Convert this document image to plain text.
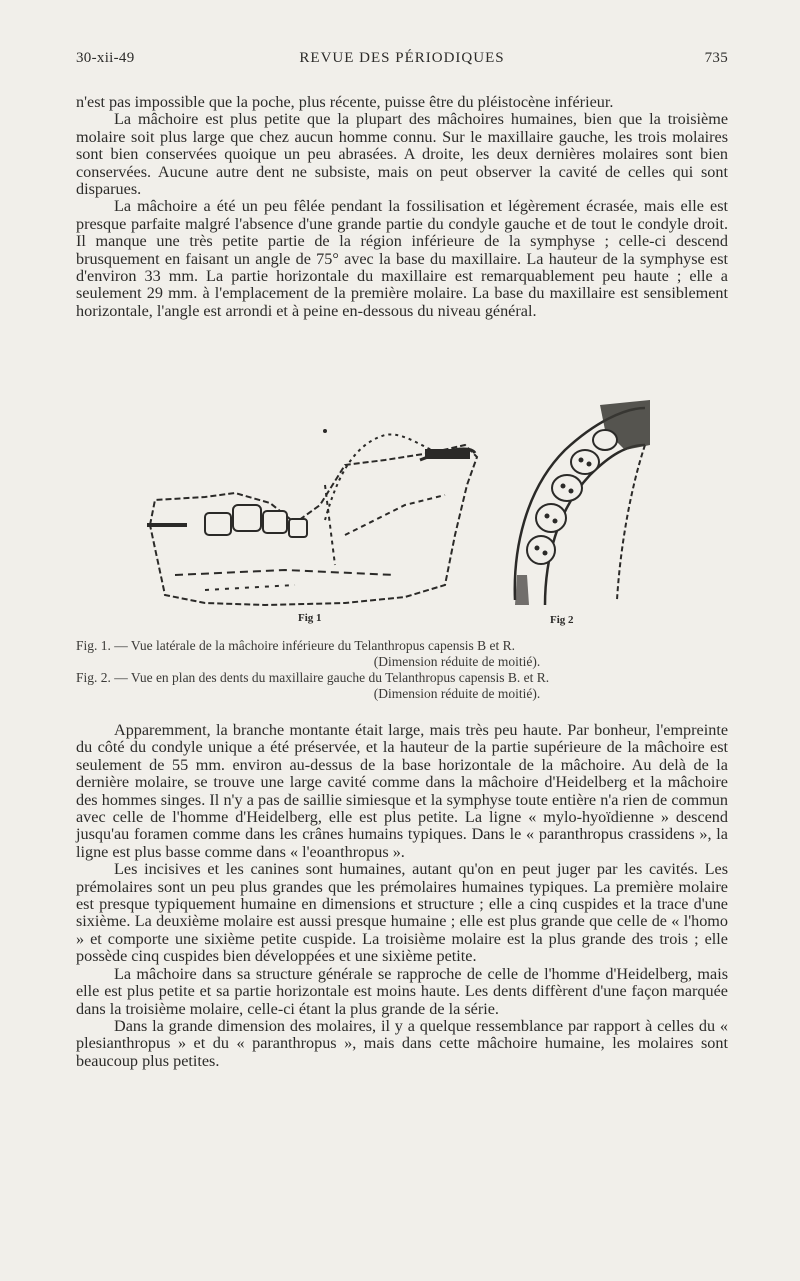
30-xii-49	REVUE DES PÉRIODIQUES	735

n'est pas impossible que la poche, plus récente, puisse être du pléistocène inférieur.

La mâchoire est plus petite que la plupart des mâchoires humaines, bien que la troisième molaire soit plus large que chez aucun homme connu. Sur le maxillaire gauche, les trois molaires sont bien conservées quoique un peu abrasées. A droite, les deux dernières molaires sont bien conservées. Aucune autre dent ne subsiste, mais on peut observer la cavité de celles qui sont disparues.

La mâchoire a été un peu fêlée pendant la fossilisation et légèrement écrasée, mais elle est presque parfaite malgré l'absence d'une grande partie du condyle gauche et de tout le condyle droit. Il manque une très petite partie de la région inférieure de la symphyse ; celle-ci descend brusquement en faisant un angle de 75° avec la base du maxillaire. La hauteur de la symphyse est d'environ 33 mm. La partie horizontale du maxillaire est remarquablement peu haute ; elle a seulement 29 mm. à l'emplacement de la première molaire. La base du maxillaire est sensiblement horizontale, l'angle est arrondi et à peine en-dessous du niveau général.

Fig 1	Fig 2
Fig. 1. — Vue latérale de la mâchoire inférieure du Telanthropus capensis B et R.
(Dimension réduite de moitié).
Fig. 2. — Vue en plan des dents du maxillaire gauche du Telanthropus capensis B. et R.
(Dimension réduite de moitié).

Apparemment, la branche montante était large, mais très peu haute. Par bonheur, l'empreinte du côté du condyle unique a été préservée, et la hauteur de la partie supérieure de la mâchoire est seulement de 55 mm. environ au-dessus de la base horizontale de la mâchoire. Au delà de la dernière molaire, se trouve une large cavité comme dans la mâchoire d'Heidelberg et la mâchoire des hommes singes. Il n'y a pas de saillie simiesque et la symphyse toute entière n'a rien de commun avec celle de l'homme d'Heidelberg, elle est plus petite. La ligne « mylo-hyoïdienne » descend jusqu'au foramen comme dans les crânes humains typiques. Dans le « paranthropus crassidens », la ligne est plus basse comme dans « l'eoanthropus ».

Les incisives et les canines sont humaines, autant qu'on en peut juger par les cavités. Les prémolaires sont un peu plus grandes que les prémolaires humaines typiques. La première molaire est presque typiquement humaine en dimensions et structure ; elle a cinq cuspides et la trace d'une sixième. La deuxième molaire est aussi presque humaine ; elle est plus grande que celle de « l'homo » et comporte une sixième petite cuspide. La troisième molaire est la plus grande des trois ; elle possède cinq cuspides bien développées et une sixième petite.

La mâchoire dans sa structure générale se rapproche de celle de l'homme d'Heidelberg, mais elle est plus petite et sa partie horizontale est moins haute. Les dents diffèrent d'une façon marquée dans la troisième molaire, celle-ci étant la plus grande de la série.

Dans la grande dimension des molaires, il y a quelque ressemblance par rapport à celles du « plesianthropus » et du « paranthropus », mais dans cette mâchoire humaine, les molaires sont beaucoup plus petites.
